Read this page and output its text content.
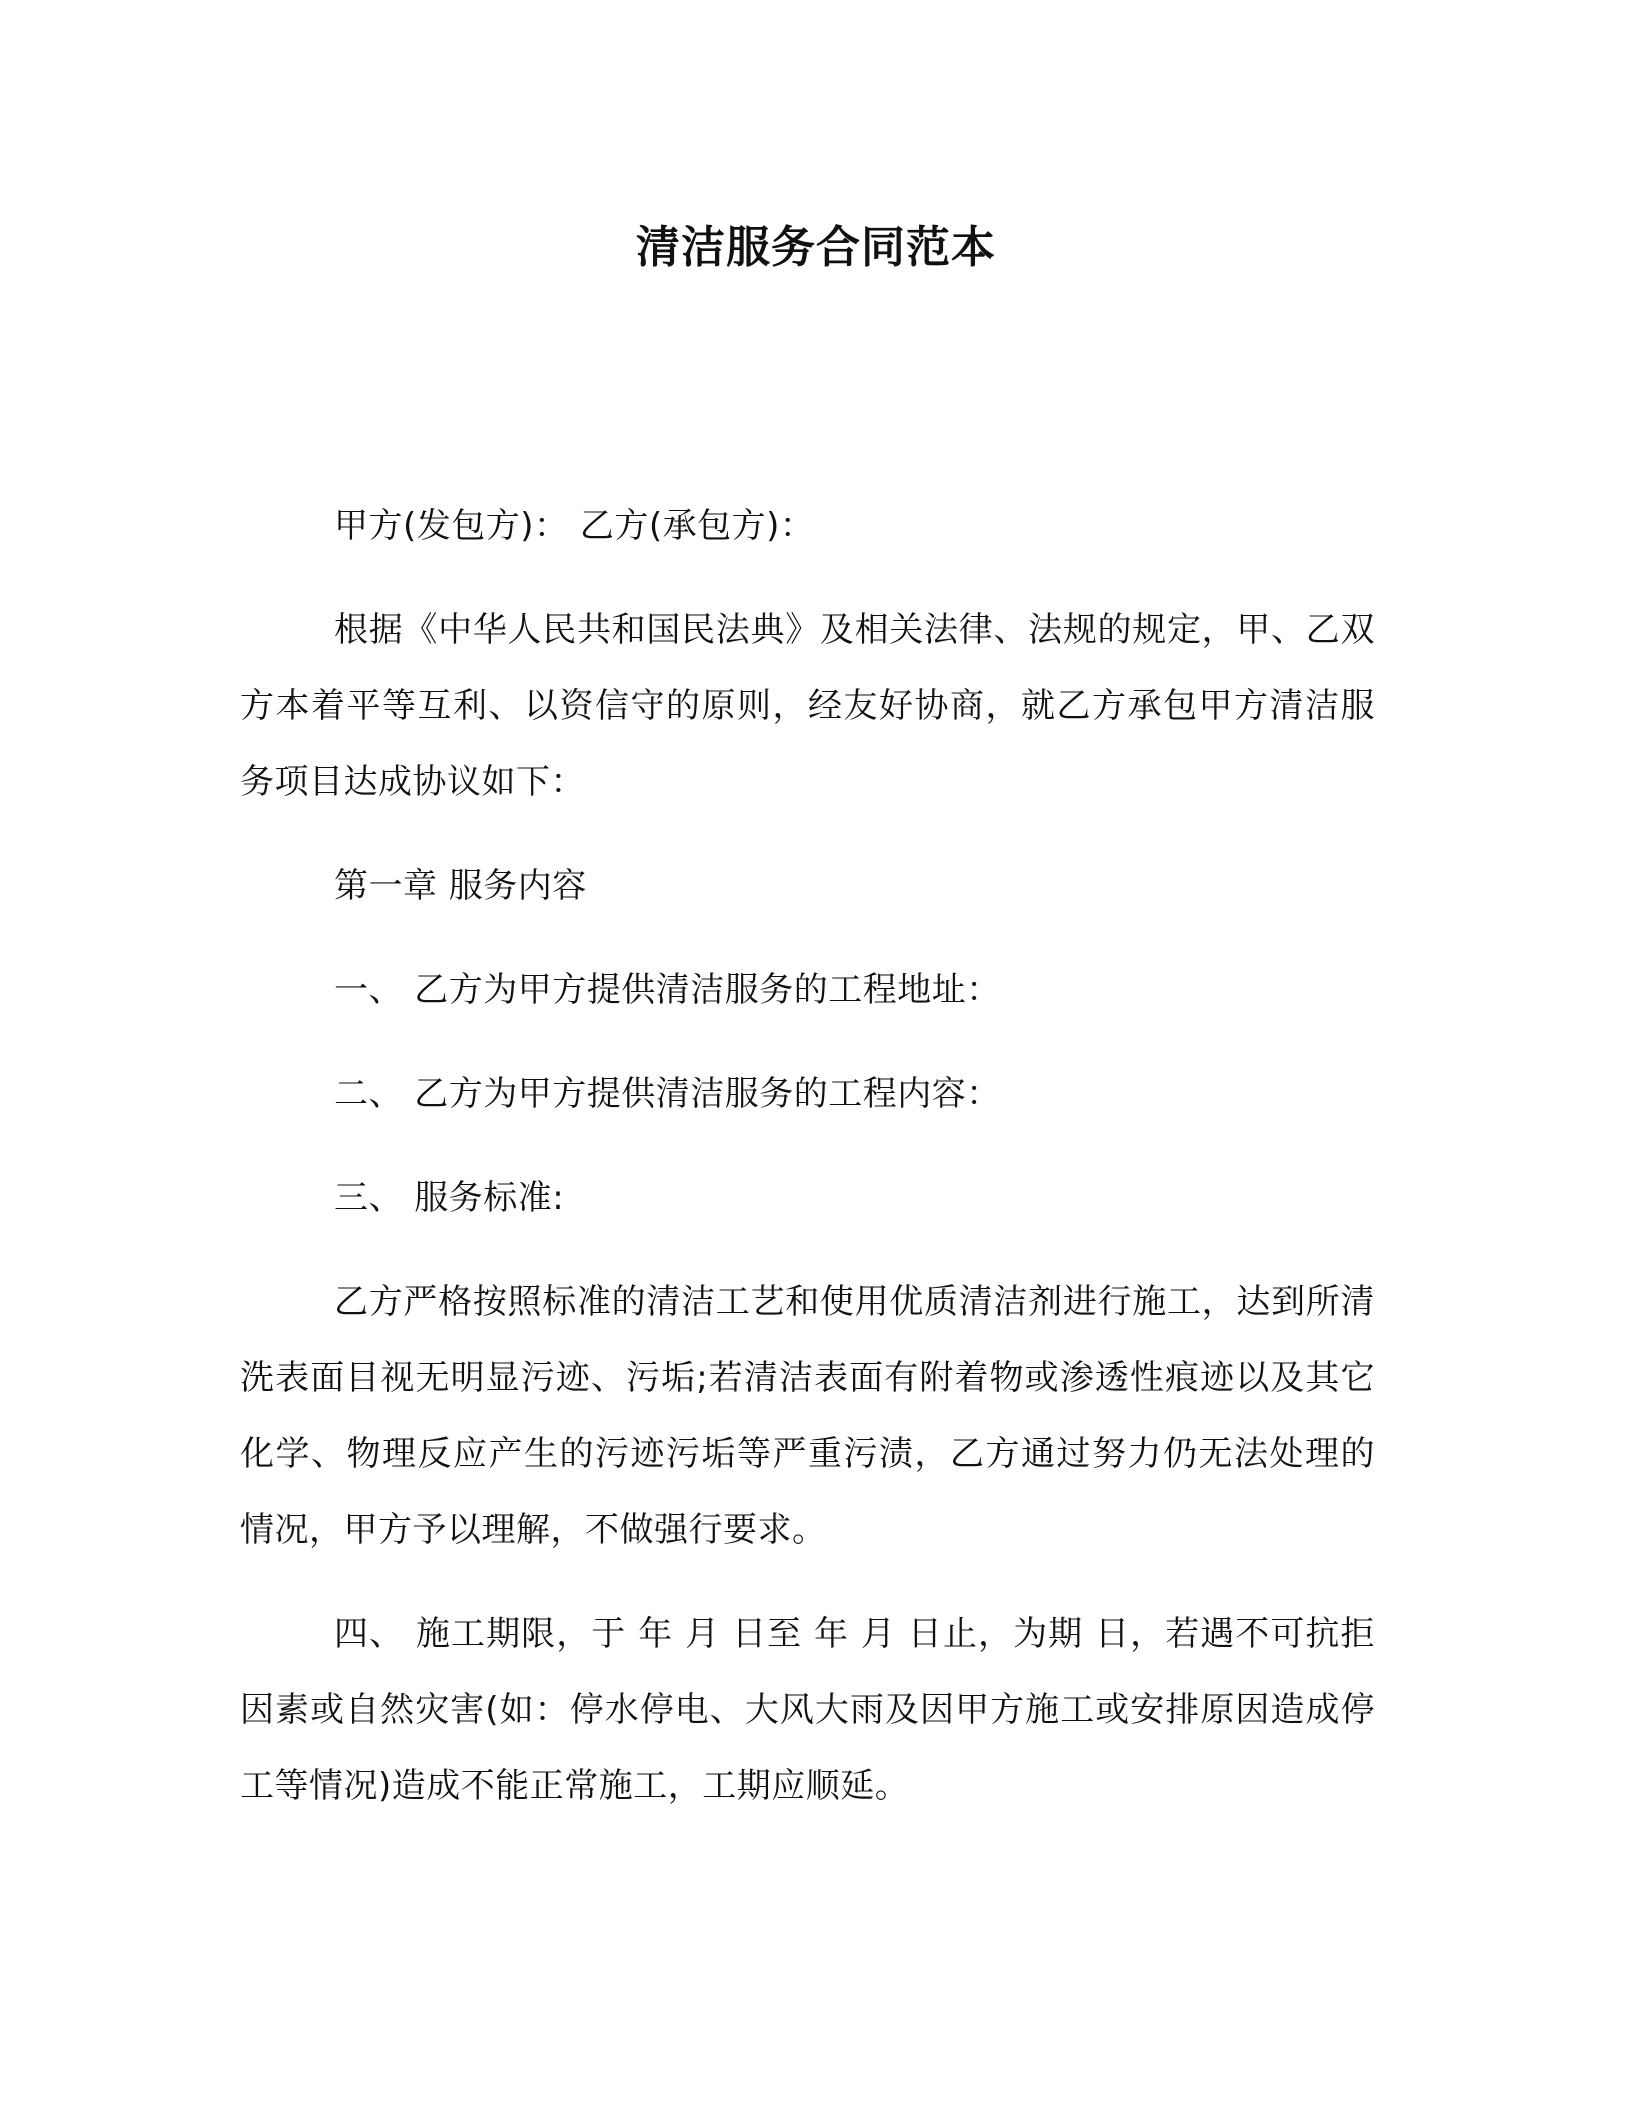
清洁服务合同范本

甲方(发包方)： 乙方(承包方)：

根据《中华人民共和国民法典》及相关法律、法规的规定，甲、乙双方本着平等互利、以资信守的原则，经友好协商，就乙方承包甲方清洁服务项目达成协议如下：

第一章 服务内容

一、 乙方为甲方提供清洁服务的工程地址：

二、 乙方为甲方提供清洁服务的工程内容：

三、 服务标准:

乙方严格按照标准的清洁工艺和使用优质清洁剂进行施工，达到所清洗表面目视无明显污迹、污垢;若清洁表面有附着物或渗透性痕迹以及其它化学、物理反应产生的污迹污垢等严重污渍，乙方通过努力仍无法处理的情况，甲方予以理解，不做强行要求。

四、 施工期限，于 年 月 日至 年 月 日止，为期 日，若遇不可抗拒因素或自然灾害(如：停水停电、大风大雨及因甲方施工或安排原因造成停工等情况)造成不能正常施工，工期应顺延。
